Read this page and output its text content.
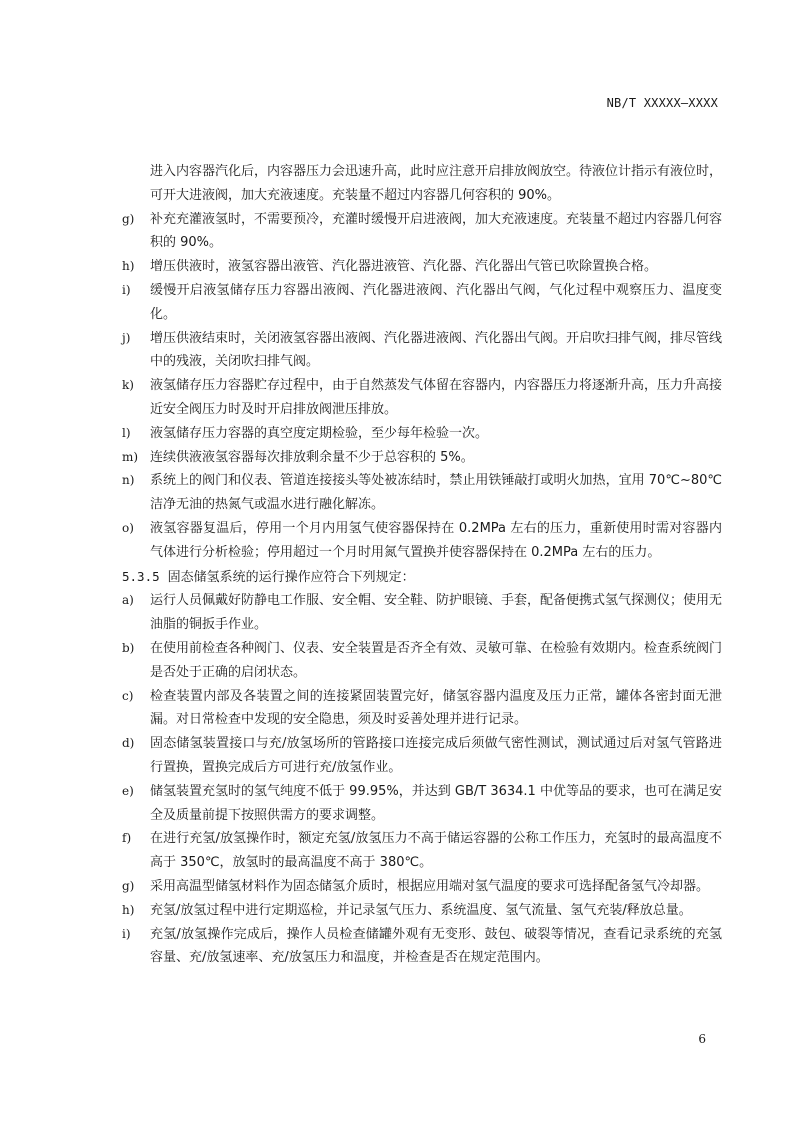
NB/T XXXXX—XXXX
进入内容器汽化后，内容器压力会迅速升高，此时应注意开启排放阀放空。待液位计指示有液位时，可开大进液阀，加大充液速度。充装量不超过内容器几何容积的 90%。
g) 补充充灌液氢时，不需要预冷，充灌时缓慢开启进液阀，加大充液速度。充装量不超过内容器几何容积的 90%。
h) 增压供液时，液氢容器出液管、汽化器进液管、汽化器、汽化器出气管已吹除置换合格。
i) 缓慢开启液氢储存压力容器出液阀、汽化器进液阀、汽化器出气阀，气化过程中观察压力、温度变化。
j) 增压供液结束时，关闭液氢容器出液阀、汽化器进液阀、汽化器出气阀。开启吹扫排气阀，排尽管线中的残液，关闭吹扫排气阀。
k) 液氢储存压力容器贮存过程中，由于自然蒸发气体留在容器内，内容器压力将逐渐升高，压力升高接近安全阀压力时及时开启排放阀泄压排放。
l) 液氢储存压力容器的真空度定期检验，至少每年检验一次。
m) 连续供液液氢容器每次排放剩余量不少于总容积的 5%。
n) 系统上的阀门和仪表、管道连接接头等处被冻结时，禁止用铁锤敲打或明火加热，宜用 70℃~80℃洁净无油的热氮气或温水进行融化解冻。
o) 液氢容器复温后，停用一个月内用氢气使容器保持在 0.2MPa 左右的压力，重新使用时需对容器内气体进行分析检验；停用超过一个月时用氮气置换并使容器保持在 0.2MPa 左右的压力。
5.3.5 固态储氢系统的运行操作应符合下列规定：
a) 运行人员佩戴好防静电工作服、安全帽、安全鞋、防护眼镜、手套，配备便携式氢气探测仪；使用无油脂的铜扳手作业。
b) 在使用前检查各种阀门、仪表、安全装置是否齐全有效、灵敏可靠、在检验有效期内。检查系统阀门是否处于正确的启闭状态。
c) 检查装置内部及各装置之间的连接紧固装置完好，储氢容器内温度及压力正常，罐体各密封面无泄漏。对日常检查中发现的安全隐患，须及时妥善处理并进行记录。
d) 固态储氢装置接口与充/放氢场所的管路接口连接完成后须做气密性测试，测试通过后对氢气管路进行置换，置换完成后方可进行充/放氢作业。
e) 储氢装置充氢时的氢气纯度不低于 99.95%，并达到 GB/T 3634.1 中优等品的要求，也可在满足安全及质量前提下按照供需方的要求调整。
f) 在进行充氢/放氢操作时，额定充氢/放氢压力不高于储运容器的公称工作压力，充氢时的最高温度不高于 350℃，放氢时的最高温度不高于 380℃。
g) 采用高温型储氢材料作为固态储氢介质时，根据应用端对氢气温度的要求可选择配备氢气冷却器。
h) 充氢/放氢过程中进行定期巡检，并记录氢气压力、系统温度、氢气流量、氢气充装/释放总量。
i) 充氢/放氢操作完成后，操作人员检查储罐外观有无变形、鼓包、破裂等情况，查看记录系统的充氢容量、充/放氢速率、充/放氢压力和温度，并检查是否在规定范围内。
6
